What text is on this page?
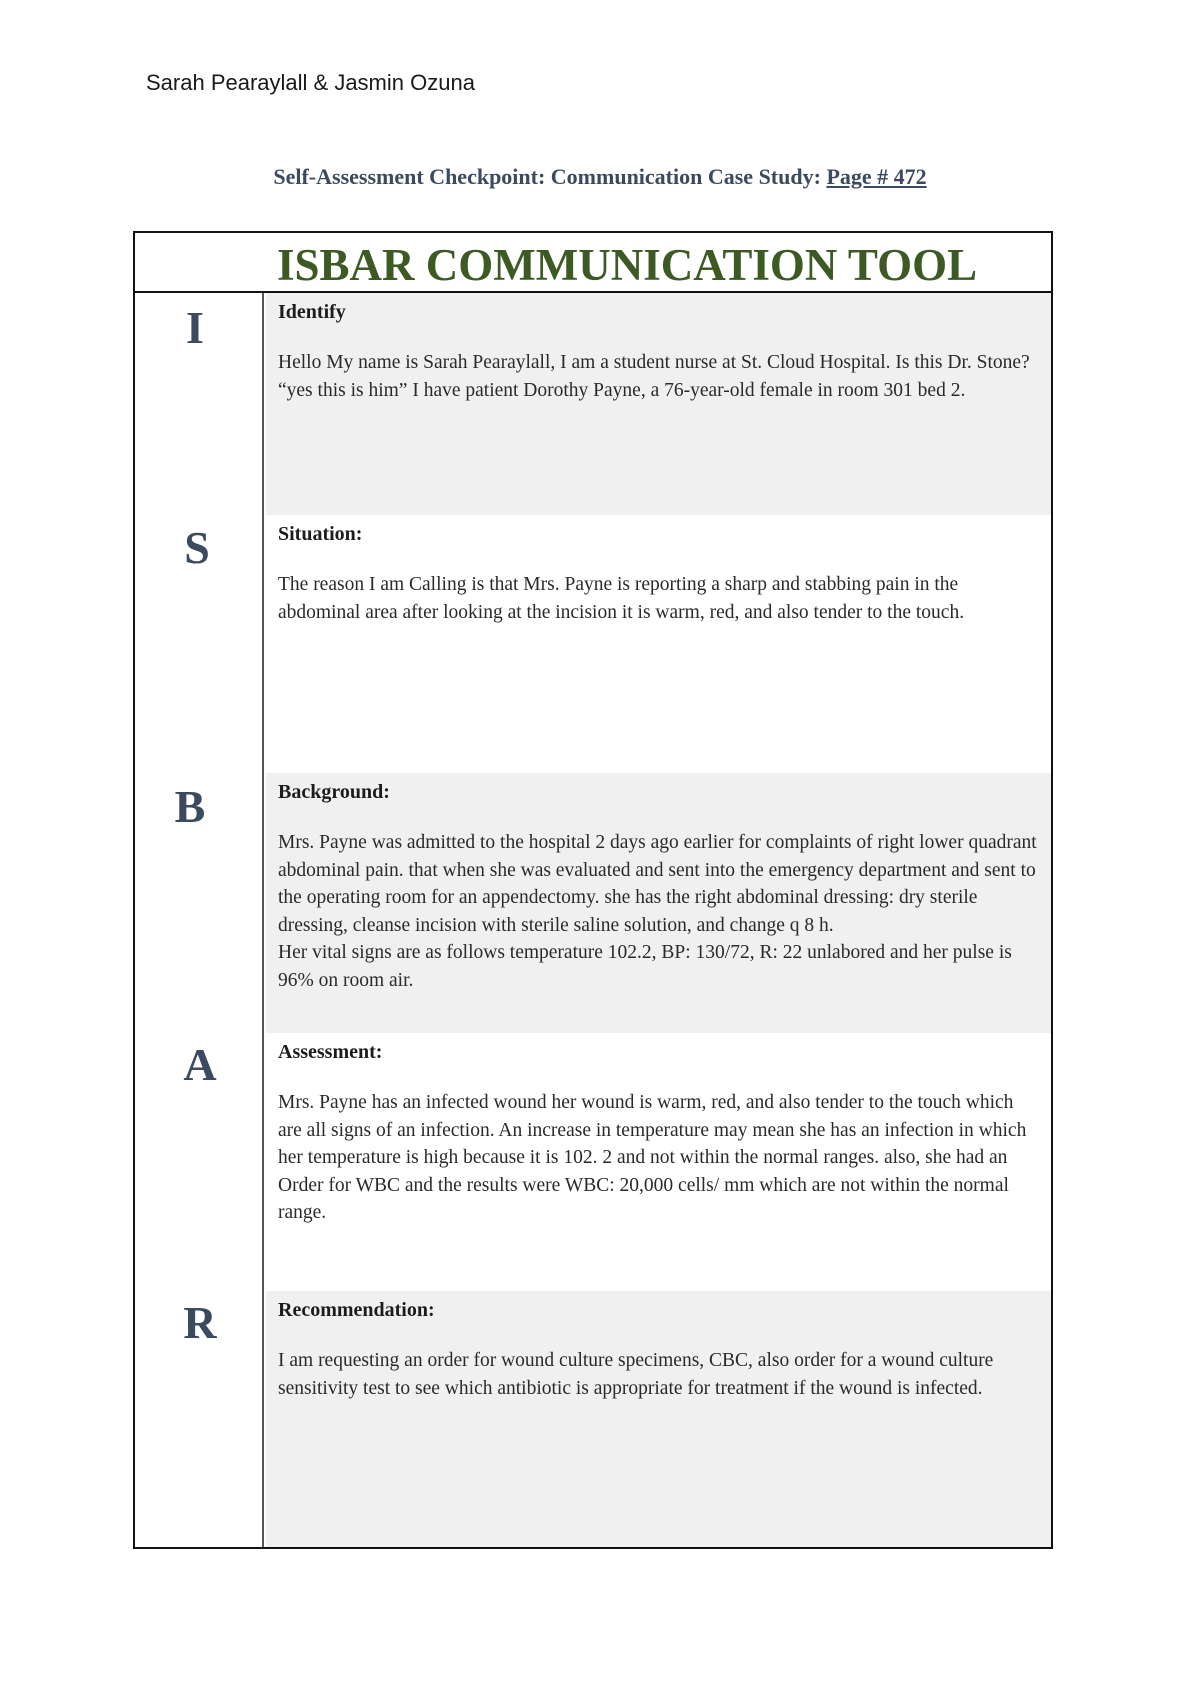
Sarah Pearaylall & Jasmin Ozuna
Self-Assessment Checkpoint: Communication Case Study: Page # 472
ISBAR COMMUNICATION TOOL
I
S
B
A
R

Identify

Hello My name is Sarah Pearaylall, I am a student nurse at St. Cloud Hospital. Is this Dr. Stone? “yes this is him” I have patient Dorothy Payne, a 76-year-old female in room 301 bed 2.

Situation:

The reason I am Calling is that Mrs. Payne is reporting a sharp and stabbing pain in the abdominal area after looking at the incision it is warm, red, and also tender to the touch.

Background:

Mrs. Payne was admitted to the hospital 2 days ago earlier for complaints of right lower quadrant abdominal pain. that when she was evaluated and sent into the emergency department and sent to the operating room for an appendectomy. she has the right abdominal dressing: dry sterile dressing, cleanse incision with sterile saline solution, and change q 8 h.

Her vital signs are as follows temperature 102.2, BP: 130/72, R: 22 unlabored and her pulse is 96% on room air.

Assessment:

Mrs. Payne has an infected wound her wound is warm, red, and also tender to the touch which are all signs of an infection. An increase in temperature may mean she has an infection in which her temperature is high because it is 102. 2 and not within the normal ranges. also, she had an Order for WBC and the results were WBC: 20,000 cells/ mm which are not within the normal range.

Recommendation:

I am requesting an order for wound culture specimens, CBC, also order for a wound culture sensitivity test to see which antibiotic is appropriate for treatment if the wound is infected.
